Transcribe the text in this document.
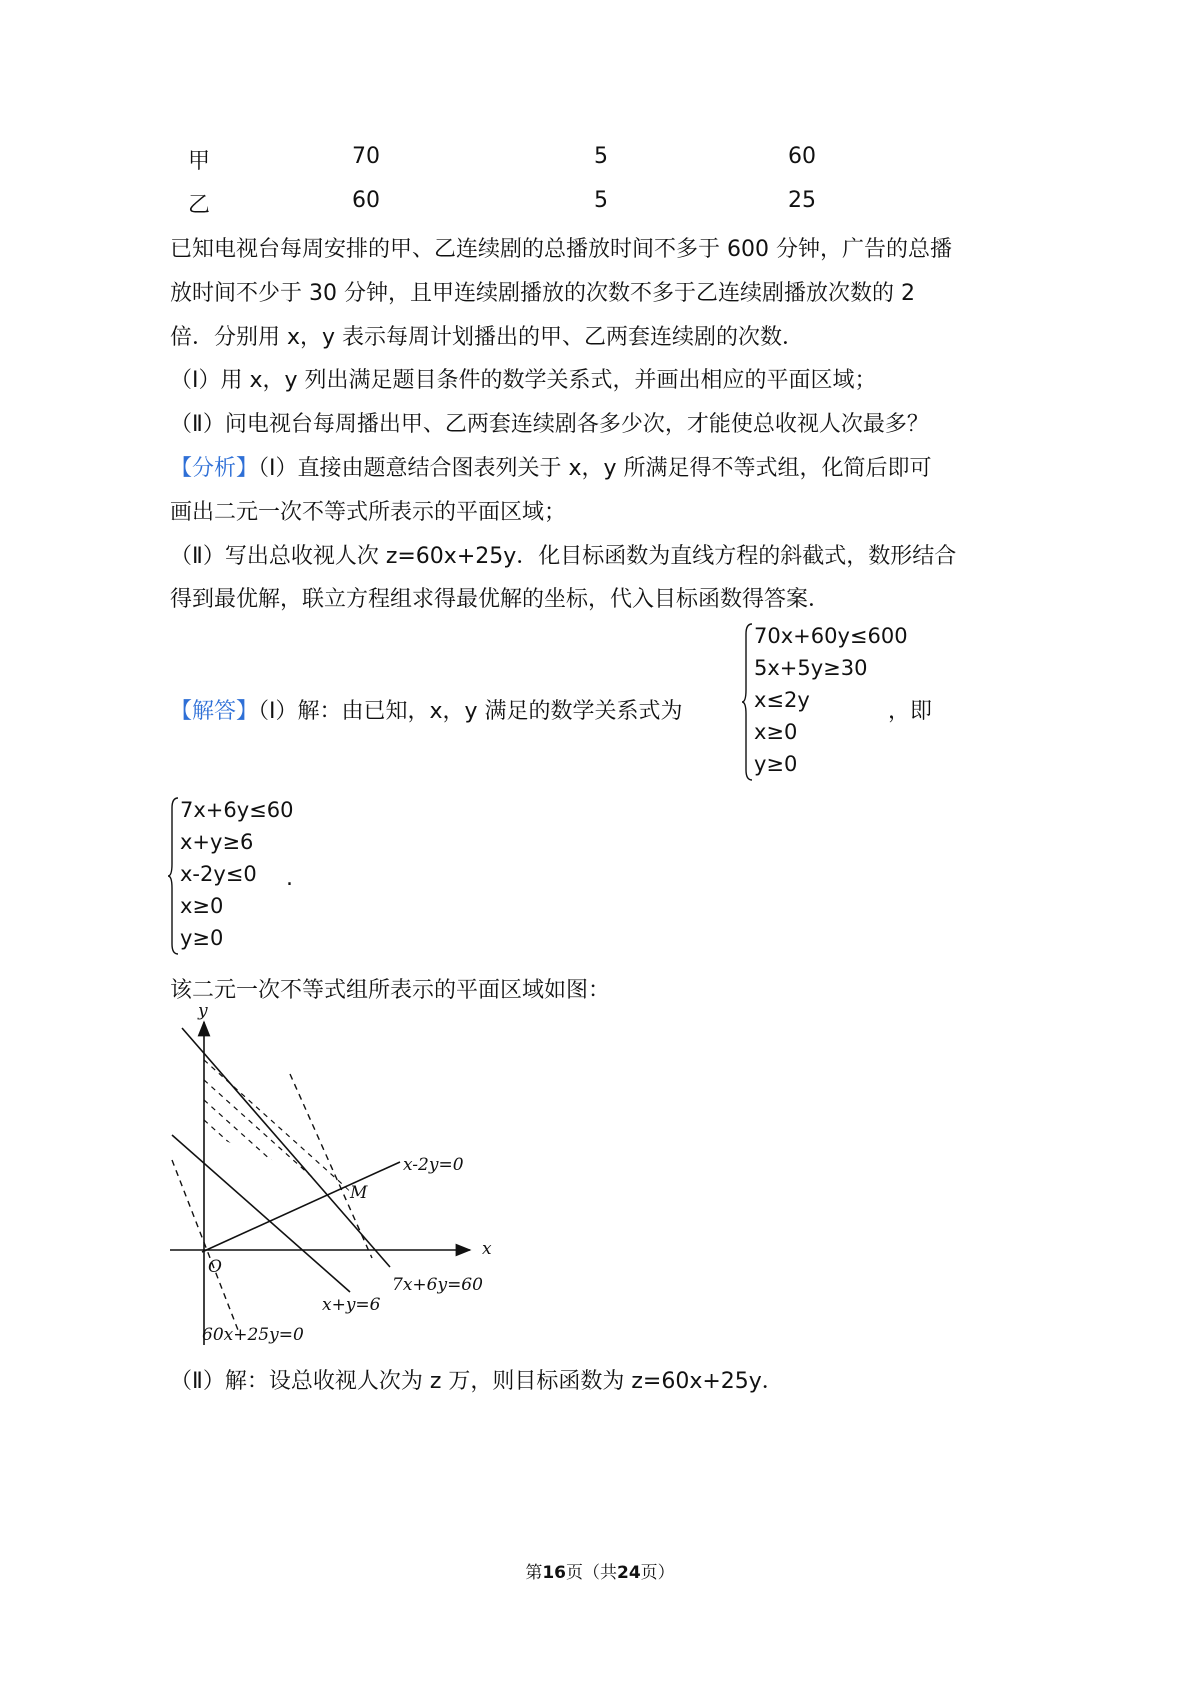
甲	70	5	60
乙	60	5	25
已知电视台每周安排的甲、乙连续剧的总播放时间不多于 600 分钟，广告的总播
放时间不少于 30 分钟，且甲连续剧播放的次数不多于乙连续剧播放次数的 2
倍．分别用 x，y 表示每周计划播出的甲、乙两套连续剧的次数．
（Ⅰ）用 x，y 列出满足题目条件的数学关系式，并画出相应的平面区域；
（Ⅱ）问电视台每周播出甲、乙两套连续剧各多少次，才能使总收视人次最多？
【分析】（Ⅰ）直接由题意结合图表列关于 x，y 所满足得不等式组，化简后即可
画出二元一次不等式所表示的平面区域；
（Ⅱ）写出总收视人次 z=60x+25y．化目标函数为直线方程的斜截式，数形结合
得到最优解，联立方程组求得最优解的坐标，代入目标函数得答案．
【解答】（Ⅰ）解：由已知，x，y 满足的数学关系式为	，即
70x+60y≤600
5x+5y≥30
x≤2y
x≥0
y≥0
7x+6y≤60
x+y≥6
x-2y≤0
x≥0
y≥0
.
该二元一次不等式组所表示的平面区域如图：
y
x
O
M
x-2y=0
7x+6y=60
x+y=6
60x+25y=0
（Ⅱ）解：设总收视人次为 z 万，则目标函数为 z=60x+25y．
第16页（共24页）
